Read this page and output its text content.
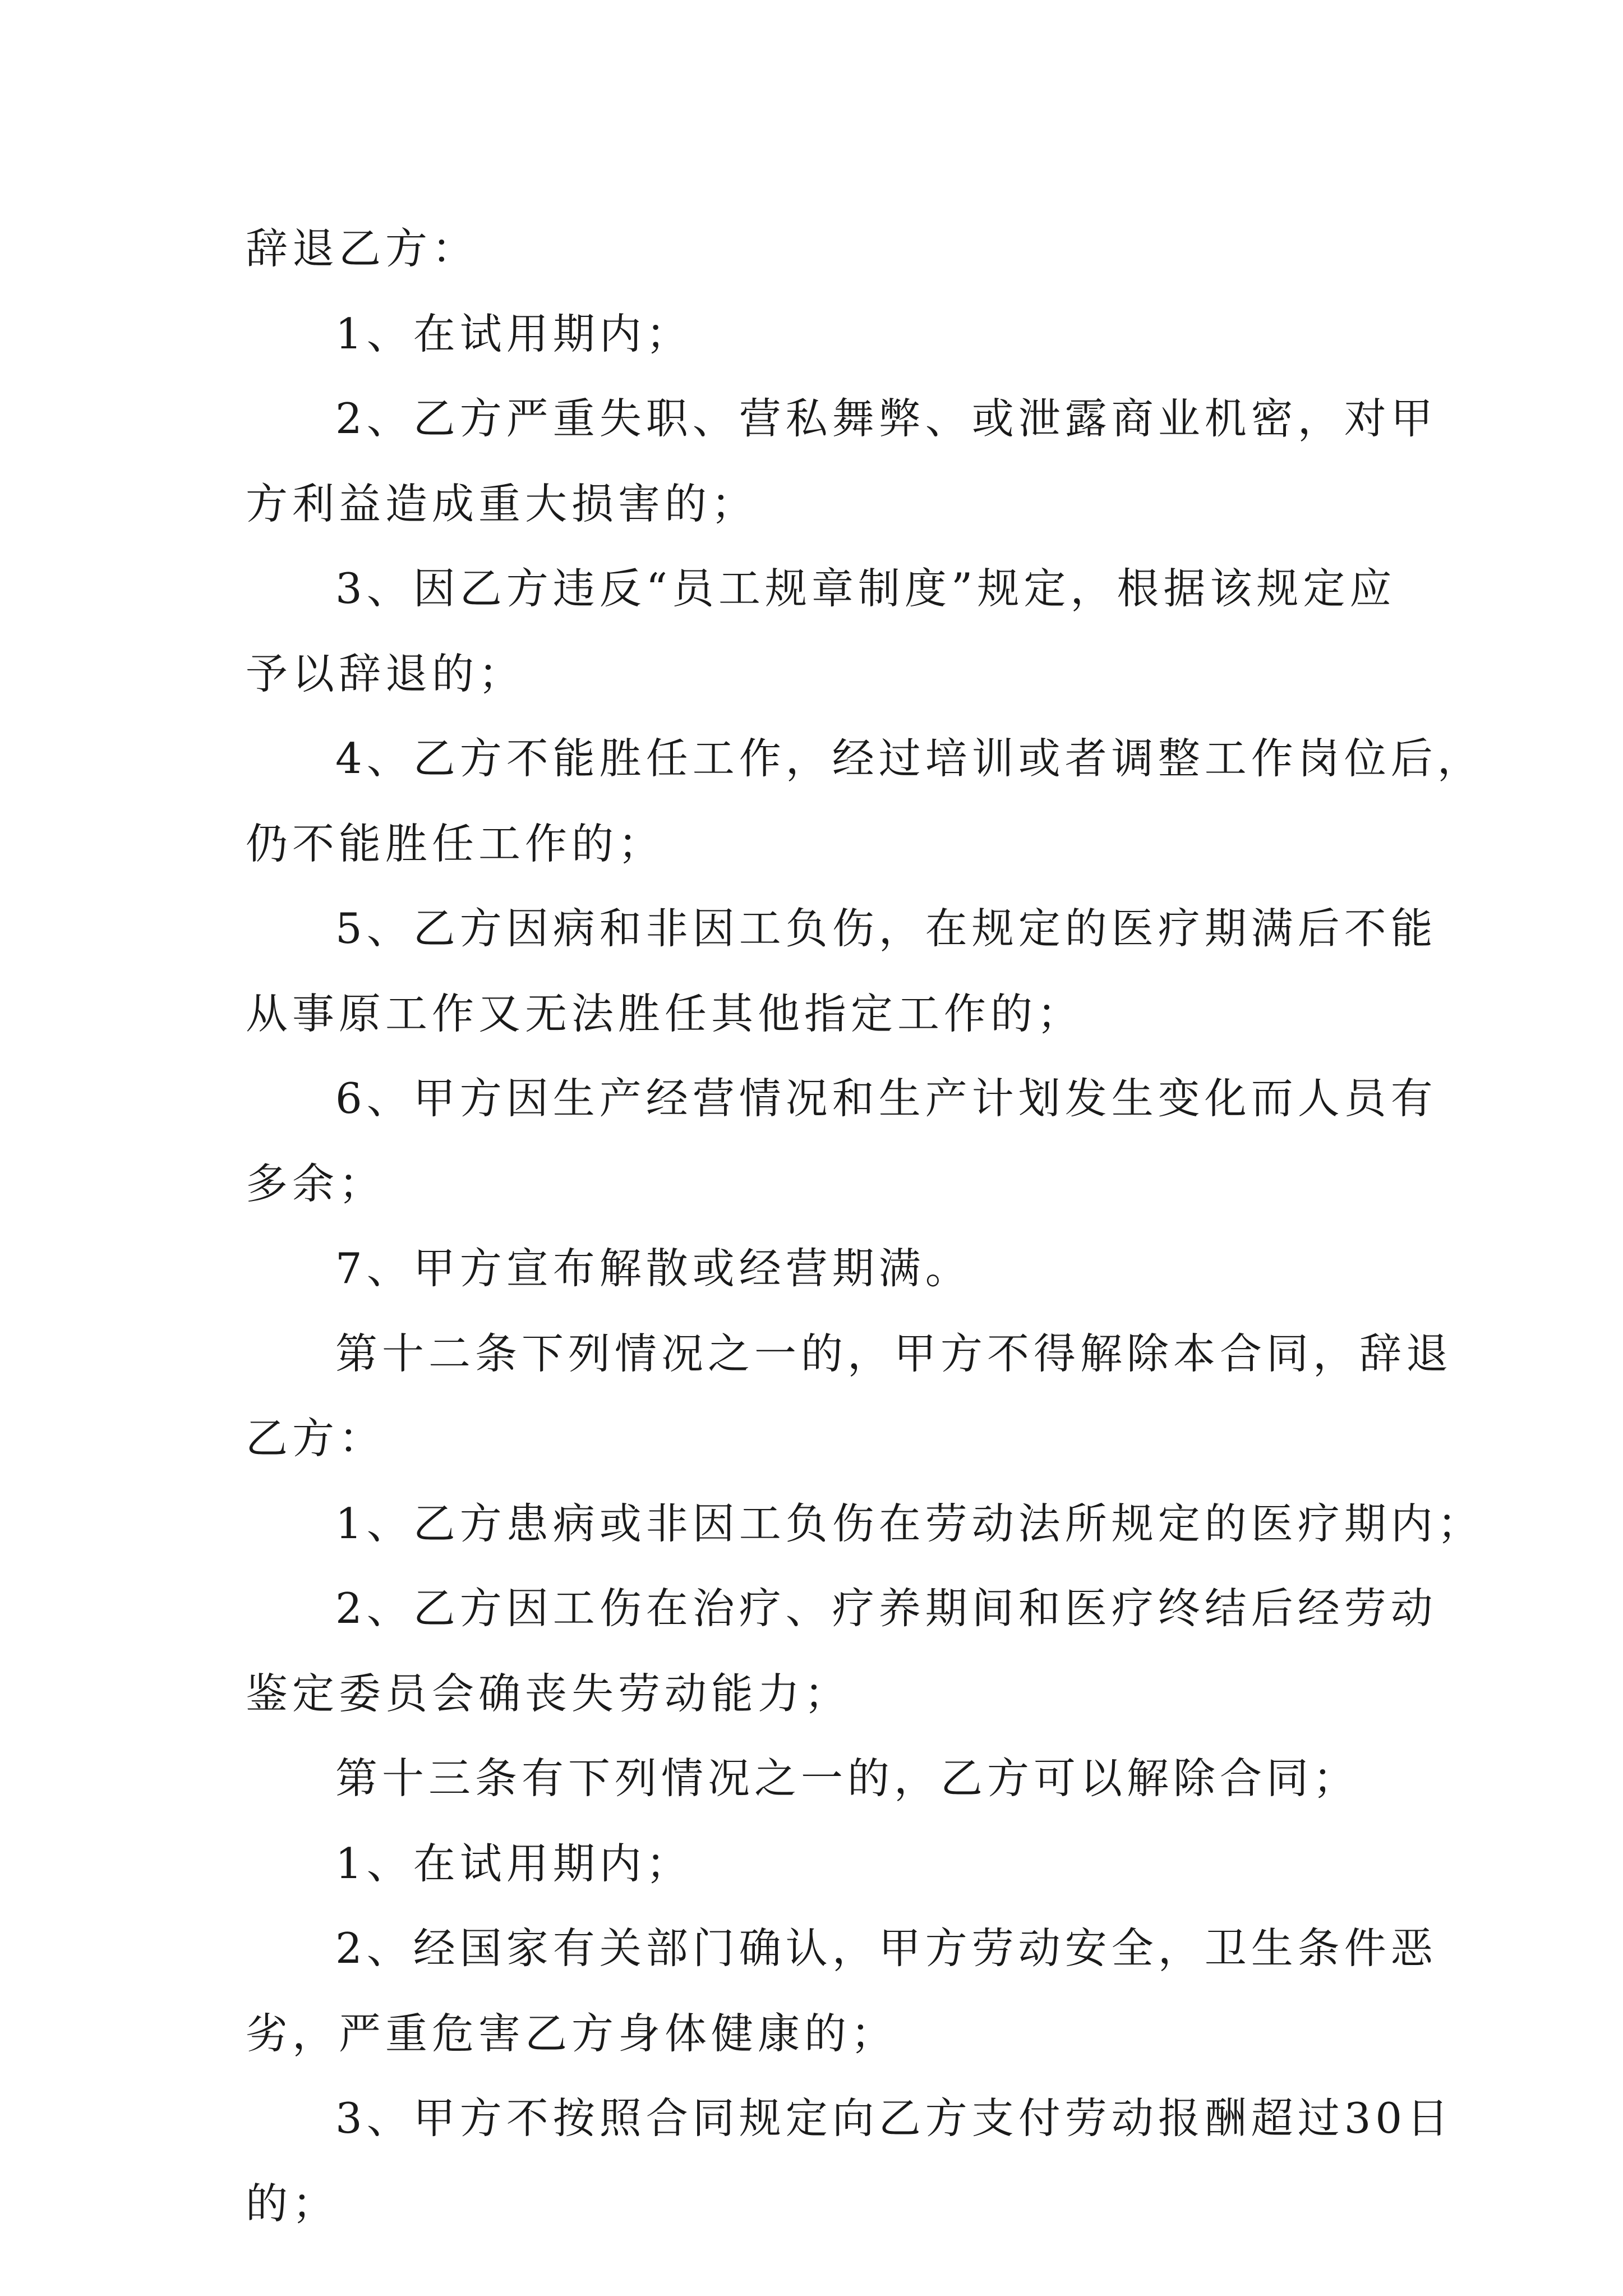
辞退乙方：

1、在试用期内；

2、乙方严重失职、营私舞弊、或泄露商业机密，对甲

方利益造成重大损害的；

3、因乙方违反“员工规章制度”规定，根据该规定应

予以辞退的；

4、乙方不能胜任工作，经过培训或者调整工作岗位后，

仍不能胜任工作的；

5、乙方因病和非因工负伤，在规定的医疗期满后不能

从事原工作又无法胜任其他指定工作的；

6、甲方因生产经营情况和生产计划发生变化而人员有

多余；

7、甲方宣布解散或经营期满。

第十二条下列情况之一的，甲方不得解除本合同，辞退

乙方：

1、乙方患病或非因工负伤在劳动法所规定的医疗期内；

2、乙方因工伤在治疗、疗养期间和医疗终结后经劳动

鉴定委员会确丧失劳动能力；

第十三条有下列情况之一的，乙方可以解除合同；

1、在试用期内；

2、经国家有关部门确认，甲方劳动安全，卫生条件恶

劣，严重危害乙方身体健康的；

3、甲方不按照合同规定向乙方支付劳动报酬超过30日

的；
